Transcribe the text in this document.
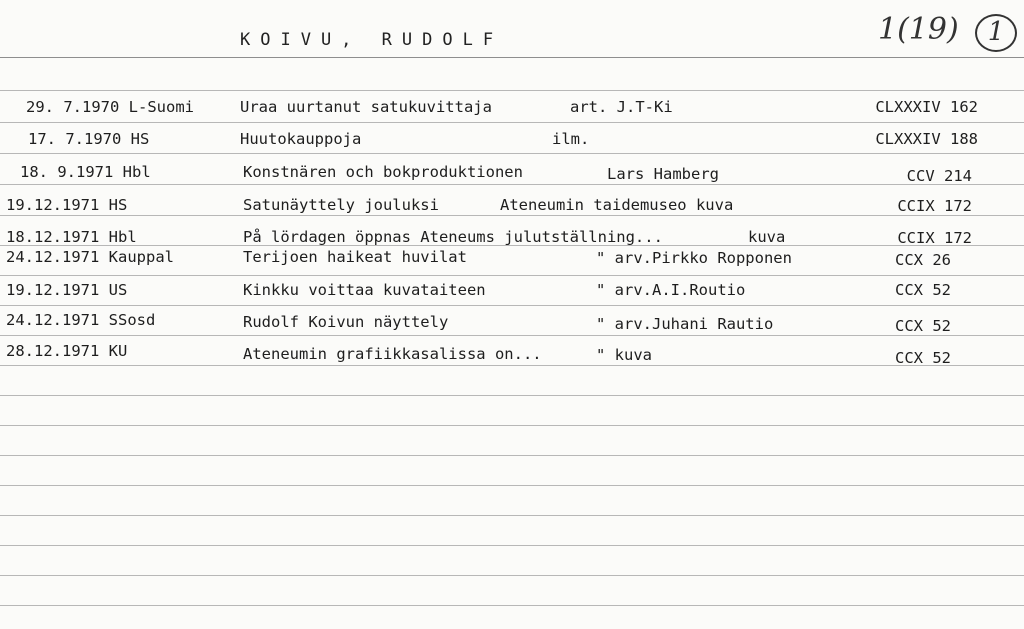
KOIVU, RUDOLF	1(19)	1
29. 7.1970 L-Suomi	Uraa uurtanut satukuvittaja	art. J.T-Ki	CLXXXIV 162
17. 7.1970 HS	Huutokauppoja	ilm.	CLXXXIV 188
18. 9.1971 Hbl	Konstnären och bokproduktionen	Lars Hamberg	CCV 214
19.12.1971 HS	Satunäyttely jouluksi	Ateneumin taidemuseo kuva	CCIX 172
18.12.1971 Hbl	På lördagen öppnas Ateneums julutställning...	kuva	CCIX 172
24.12.1971 Kauppal	Terijoen haikeat huvilat	" arv.Pirkko Ropponen	CCX 26
19.12.1971 US	Kinkku voittaa kuvataiteen	" arv.A.I.Routio	CCX 52
24.12.1971 SSosd	Rudolf Koivun näyttely	" arv.Juhani Rautio	CCX 52
28.12.1971 KU	Ateneumin grafiikkasalissa on...	" kuva	CCX 52
